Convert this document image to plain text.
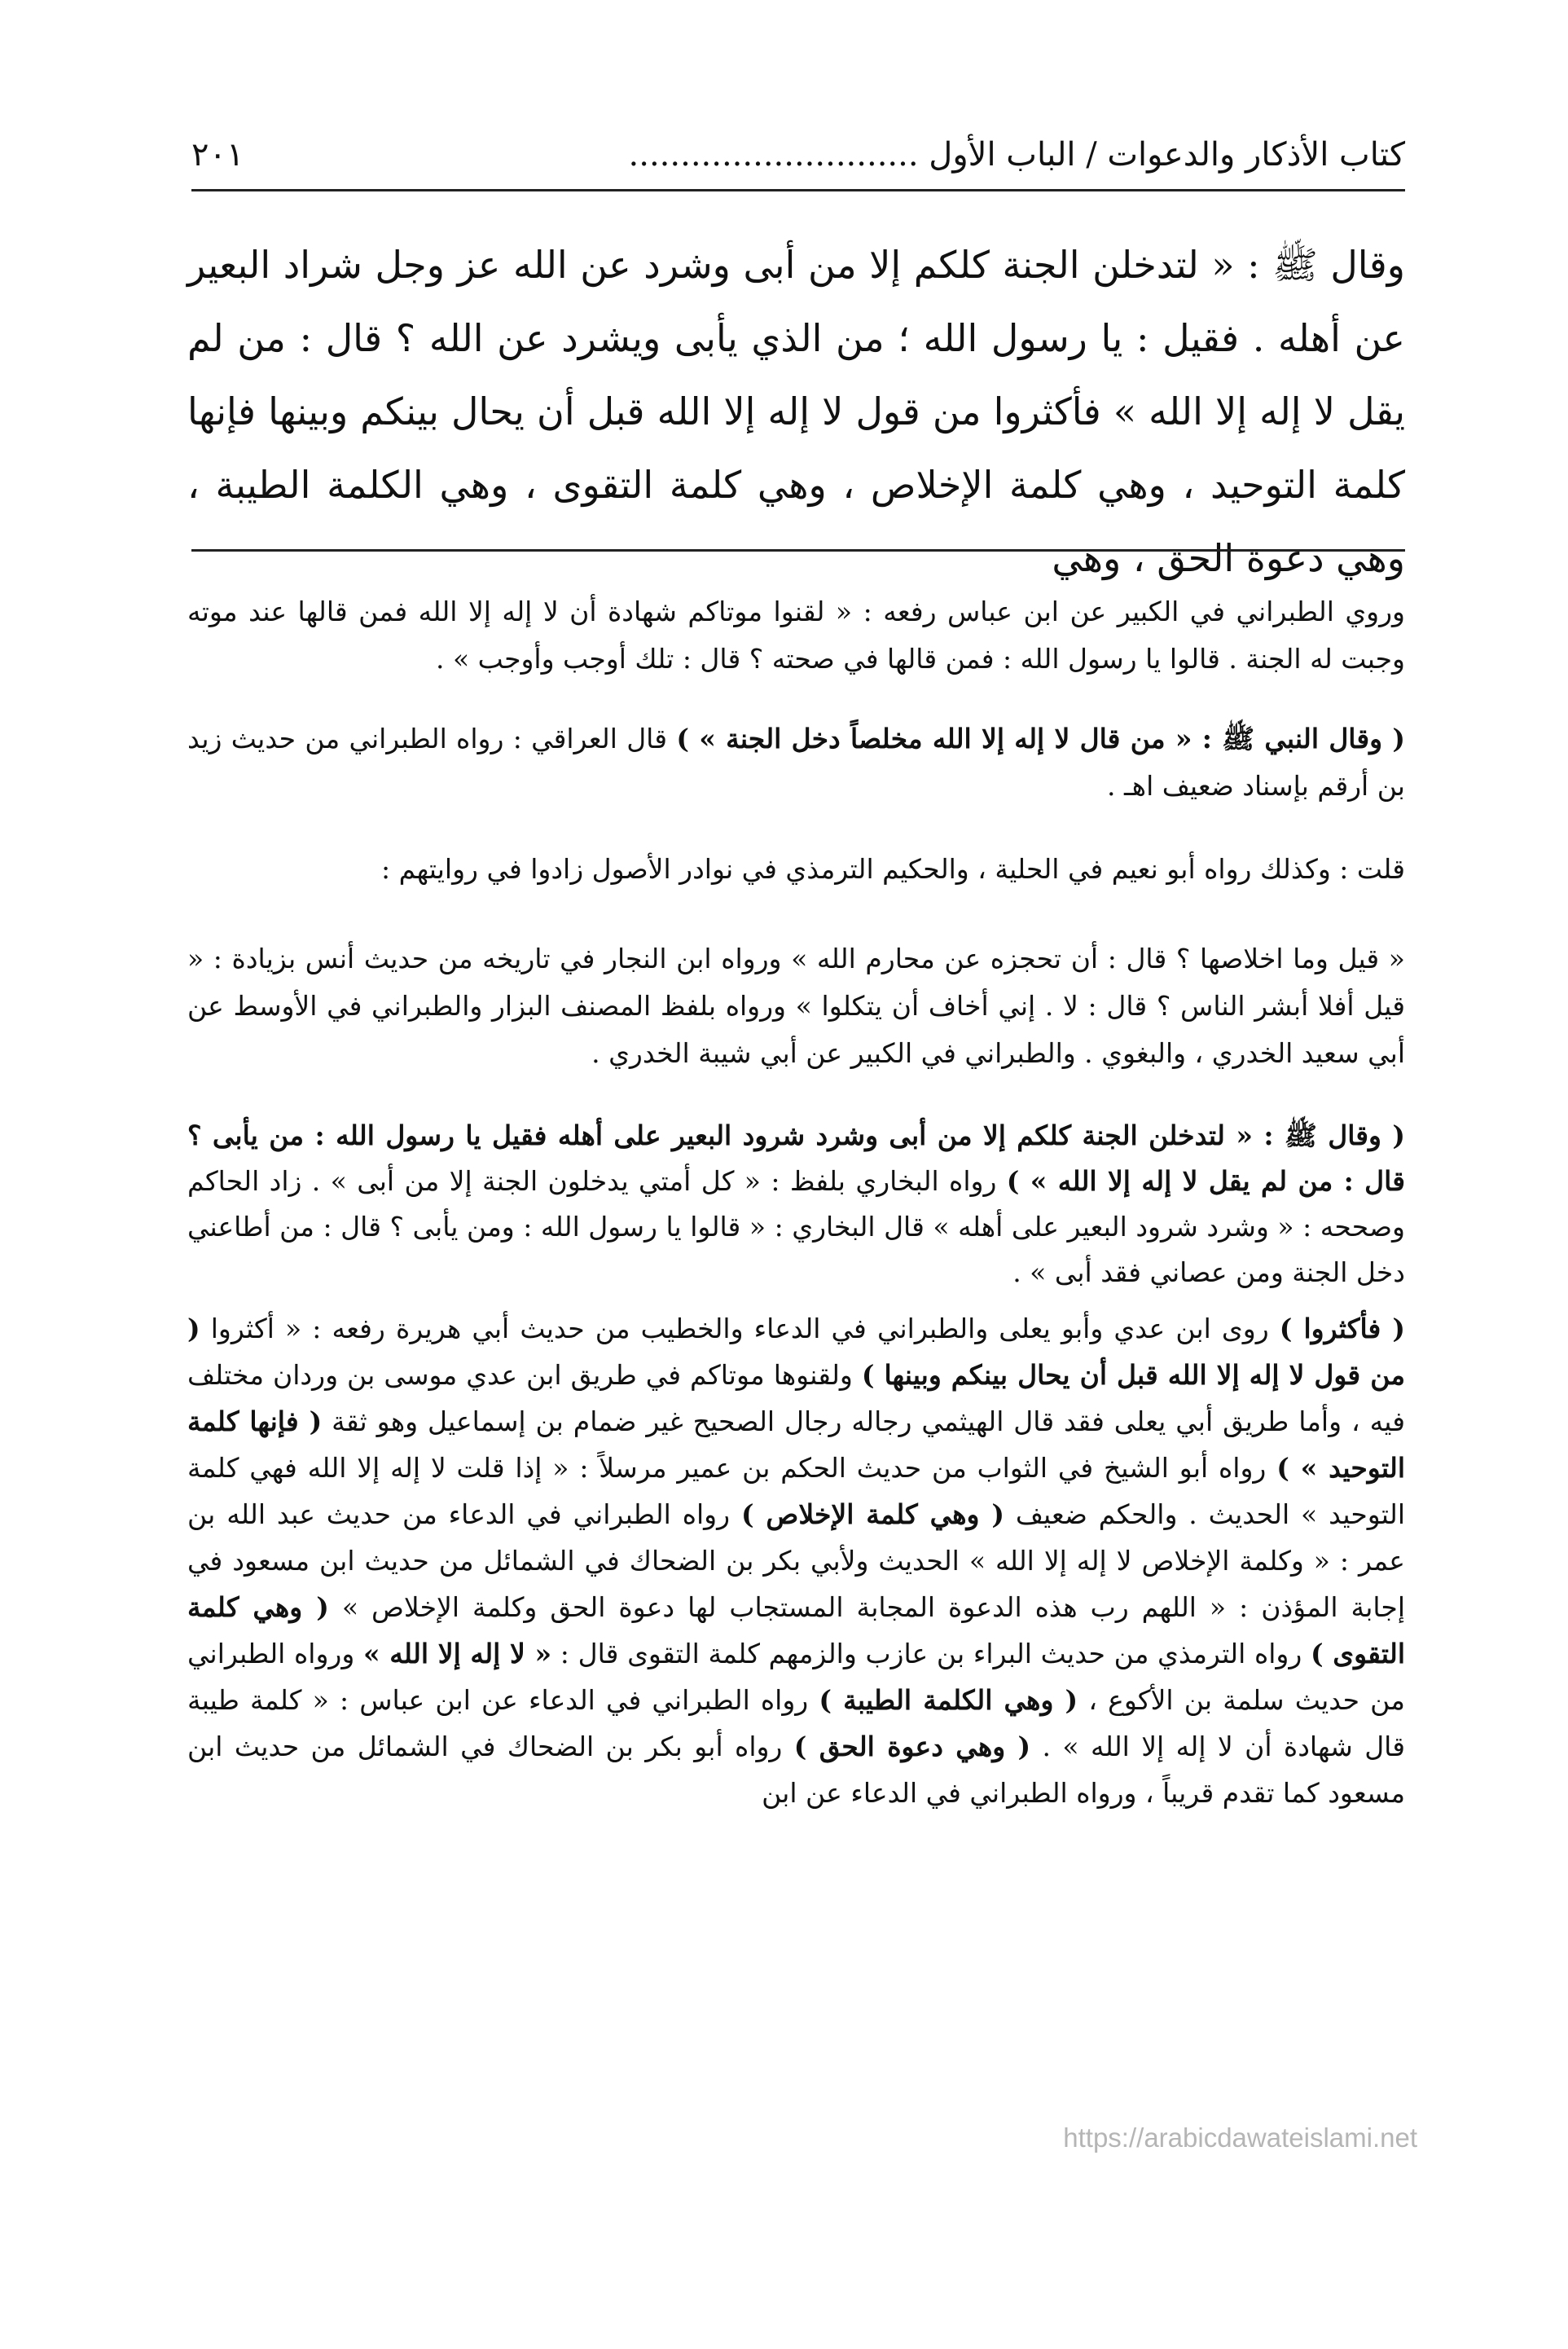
كتاب الأذكار والدعوات / الباب الأول ............................
٢٠١

وقال ﷺ : « لتدخلن الجنة كلكم إلا من أبى وشرد عن الله عز وجل شراد البعير عن أهله . فقيل : يا رسول الله ؛ من الذي يأبى ويشرد عن الله ؟ قال : من لم يقل لا إله إلا الله » فأكثروا من قول لا إله إلا الله قبل أن يحال بينكم وبينها فإنها كلمة التوحيد ، وهي كلمة الإخلاص ، وهي كلمة التقوى ، وهي الكلمة الطيبة ، وهي دعوة الحق ، وهي

وروي الطبراني في الكبير عن ابن عباس رفعه : « لقنوا موتاكم شهادة أن لا إله إلا الله فمن قالها عند موته وجبت له الجنة . قالوا يا رسول الله : فمن قالها في صحته ؟ قال : تلك أوجب وأوجب » .

( وقال النبي ﷺ : « من قال لا إله إلا الله مخلصاً دخل الجنة » ) قال العراقي : رواه الطبراني من حديث زيد بن أرقم بإسناد ضعيف اهـ .

قلت : وكذلك رواه أبو نعيم في الحلية ، والحكيم الترمذي في نوادر الأصول زادوا في روايتهم :

« قيل وما اخلاصها ؟ قال : أن تحجزه عن محارم الله » ورواه ابن النجار في تاريخه من حديث أنس بزيادة : « قيل أفلا أبشر الناس ؟ قال : لا . إني أخاف أن يتكلوا » ورواه بلفظ المصنف البزار والطبراني في الأوسط عن أبي سعيد الخدري ، والبغوي . والطبراني في الكبير عن أبي شيبة الخدري .

( وقال ﷺ : « لتدخلن الجنة كلكم إلا من أبى وشرد شرود البعير على أهله فقيل يا رسول الله : من يأبى ؟ قال : من لم يقل لا إله إلا الله » ) رواه البخاري بلفظ : « كل أمتي يدخلون الجنة إلا من أبى » . زاد الحاكم وصححه : « وشرد شرود البعير على أهله » قال البخاري : « قالوا يا رسول الله : ومن يأبى ؟ قال : من أطاعني دخل الجنة ومن عصاني فقد أبى » .

( فأكثروا ) روى ابن عدي وأبو يعلى والطبراني في الدعاء والخطيب من حديث أبي هريرة رفعه : « أكثروا ( من قول لا إله إلا الله قبل أن يحال بينكم وبينها ) ولقنوها موتاكم في طريق ابن عدي موسى بن وردان مختلف فيه ، وأما طريق أبي يعلى فقد قال الهيثمي رجاله رجال الصحيح غير ضمام بن إسماعيل وهو ثقة ( فإنها كلمة التوحيد » ) رواه أبو الشيخ في الثواب من حديث الحكم بن عمير مرسلاً : « إذا قلت لا إله إلا الله فهي كلمة التوحيد » الحديث . والحكم ضعيف ( وهي كلمة الإخلاص ) رواه الطبراني في الدعاء من حديث عبد الله بن عمر : « وكلمة الإخلاص لا إله إلا الله » الحديث ولأبي بكر بن الضحاك في الشمائل من حديث ابن مسعود في إجابة المؤذن : « اللهم رب هذه الدعوة المجابة المستجاب لها دعوة الحق وكلمة الإخلاص » ( وهي كلمة التقوى ) رواه الترمذي من حديث البراء بن عازب والزمهم كلمة التقوى قال : « لا إله إلا الله » ورواه الطبراني من حديث سلمة بن الأكوع ، ( وهي الكلمة الطيبة ) رواه الطبراني في الدعاء عن ابن عباس : « كلمة طيبة قال شهادة أن لا إله إلا الله » . ( وهي دعوة الحق ) رواه أبو بكر بن الضحاك في الشمائل من حديث ابن مسعود كما تقدم قريباً ، ورواه الطبراني في الدعاء عن ابن

https://arabicdawateislami.net
